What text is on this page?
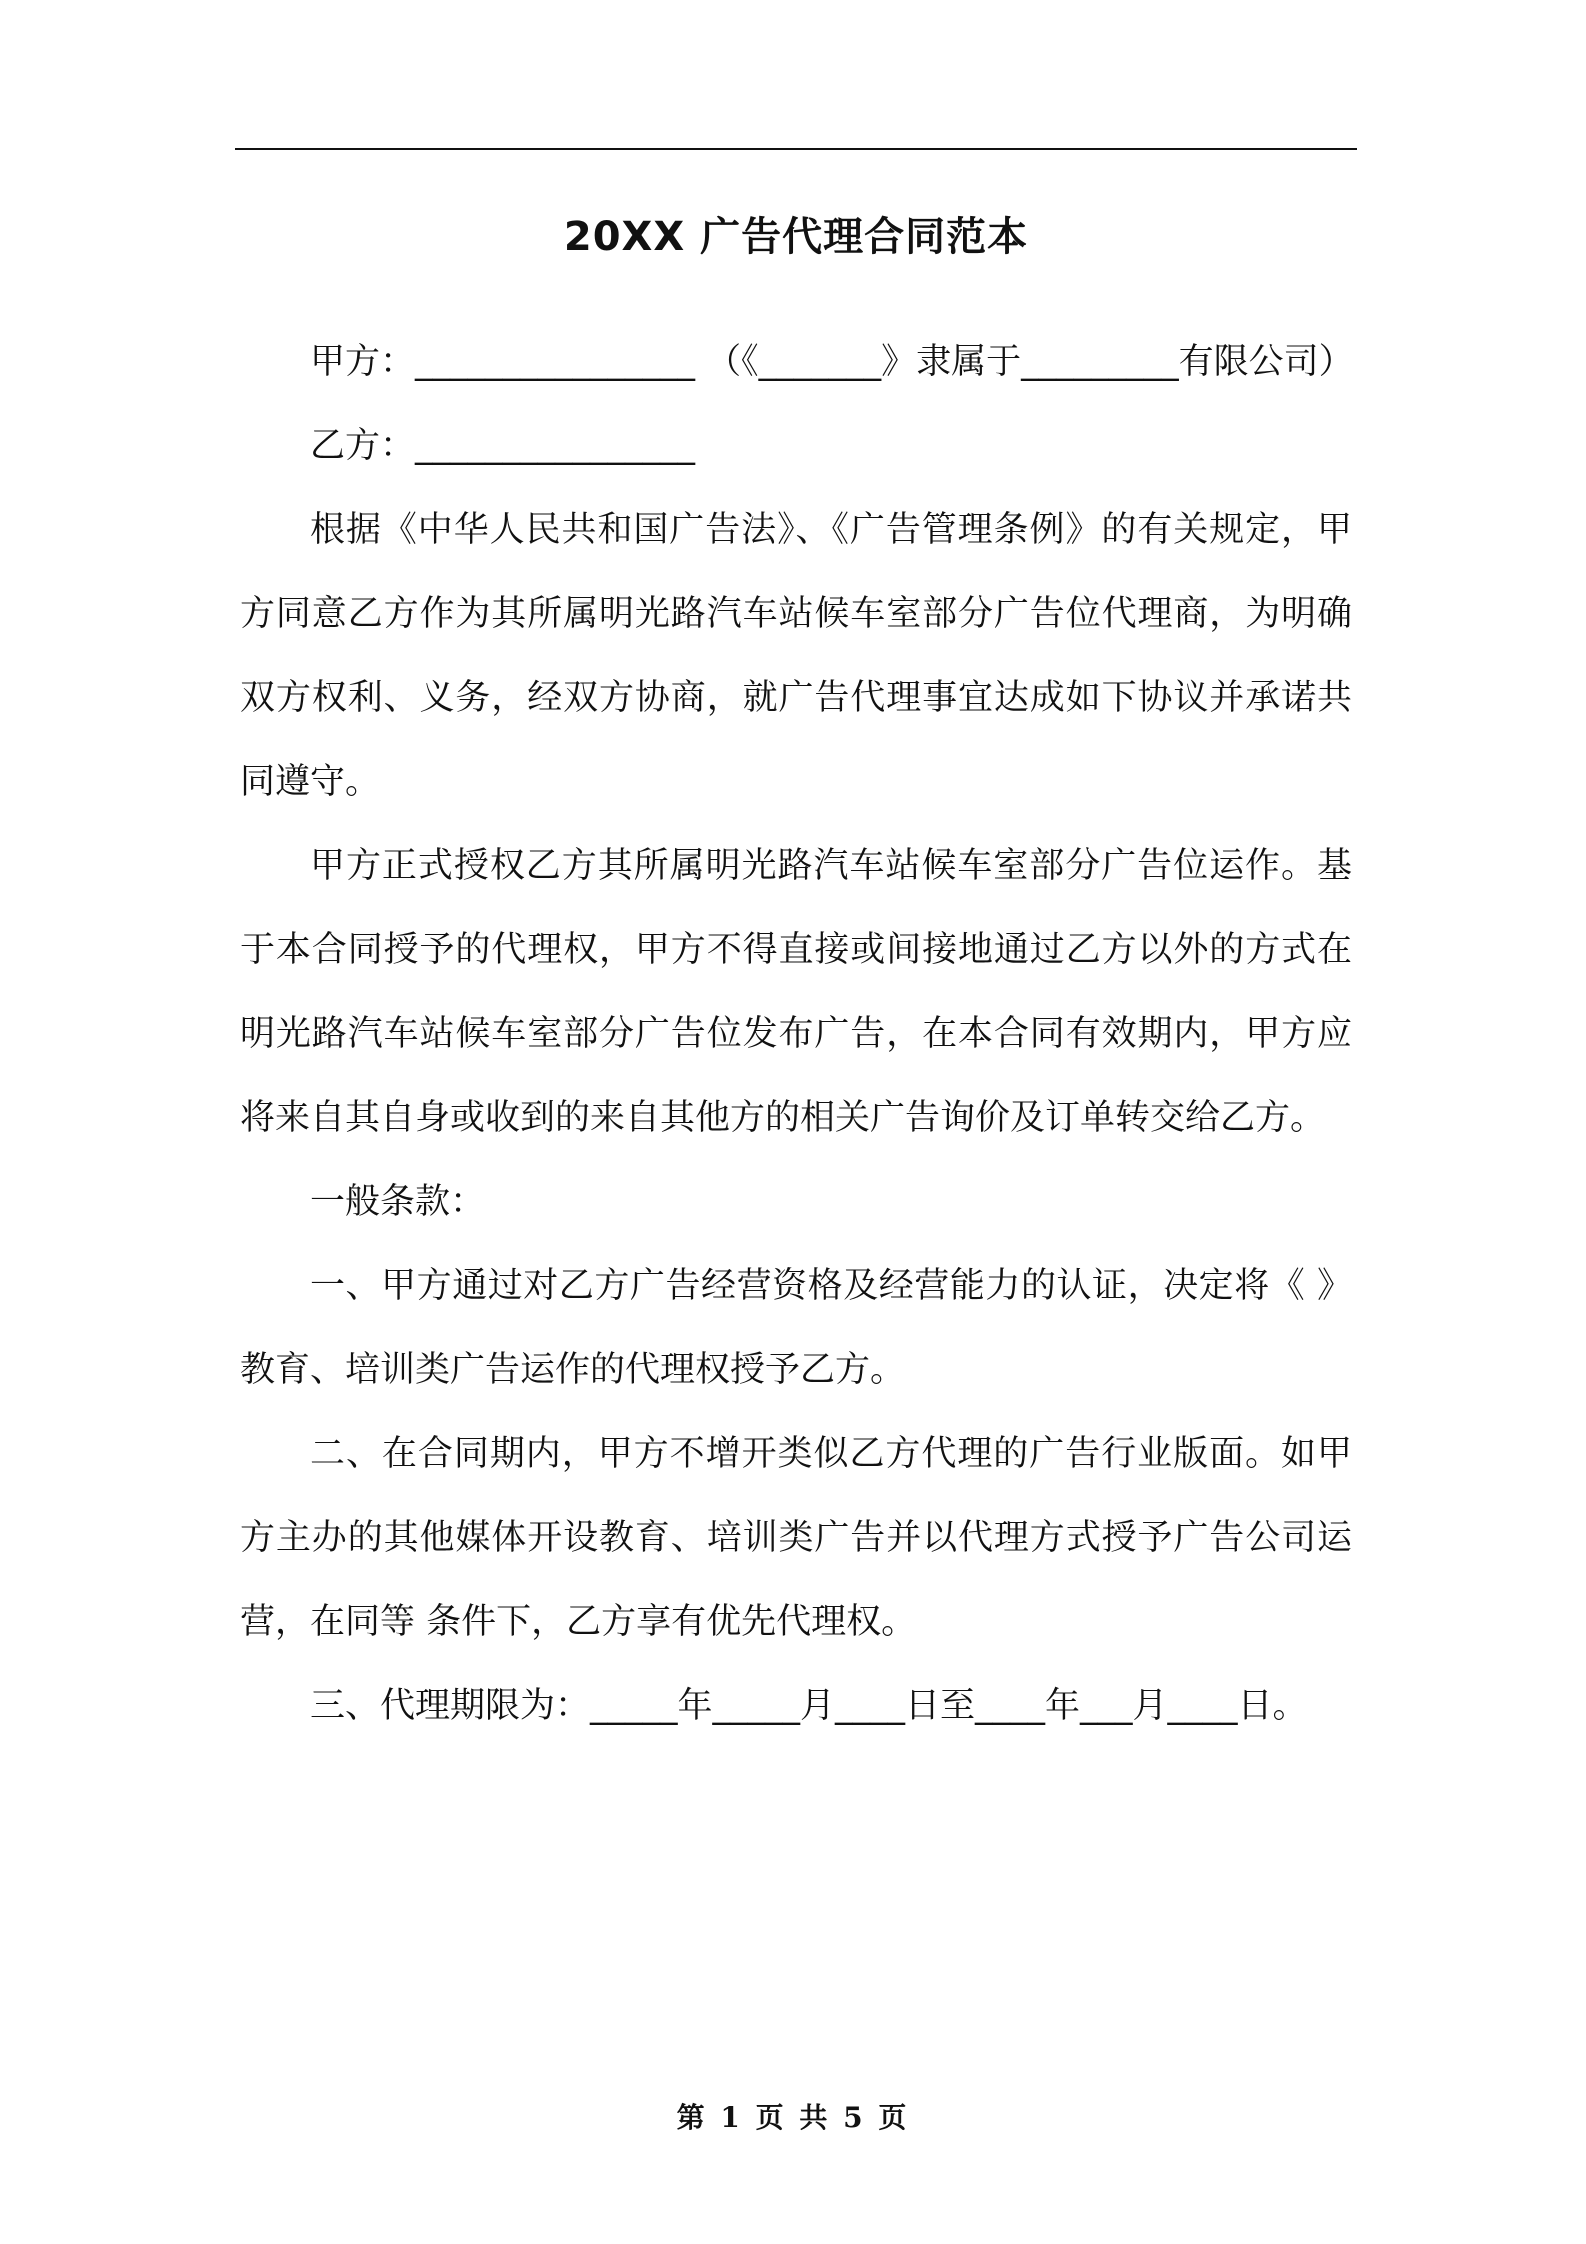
20XX 广告代理合同范本

甲方：________________ （《_______》隶属于_________有限公司）

乙方：________________

根据《中华人民共和国广告法》、《广告管理条例》的有关规定，甲方同意乙方作为其所属明光路汽车站候车室部分广告位代理商，为明确双方权利、义务，经双方协商，就广告代理事宜达成如下协议并承诺共同遵守。

甲方正式授权乙方其所属明光路汽车站候车室部分广告位运作。基于本合同授予的代理权，甲方不得直接或间接地通过乙方以外的方式在明光路汽车站候车室部分广告位发布广告，在本合同有效期内，甲方应将来自其自身或收到的来自其他方的相关广告询价及订单转交给乙方。

一般条款：

一、甲方通过对乙方广告经营资格及经营能力的认证，决定将《 》教育、培训类广告运作的代理权授予乙方。

二、在合同期内，甲方不增开类似乙方代理的广告行业版面。如甲方主办的其他媒体开设教育、培训类广告并以代理方式授予广告公司运营，在同等 条件下，乙方享有优先代理权。

三、代理期限为：_____年_____月____日至____年___月____日。

第 1 页 共 5 页
